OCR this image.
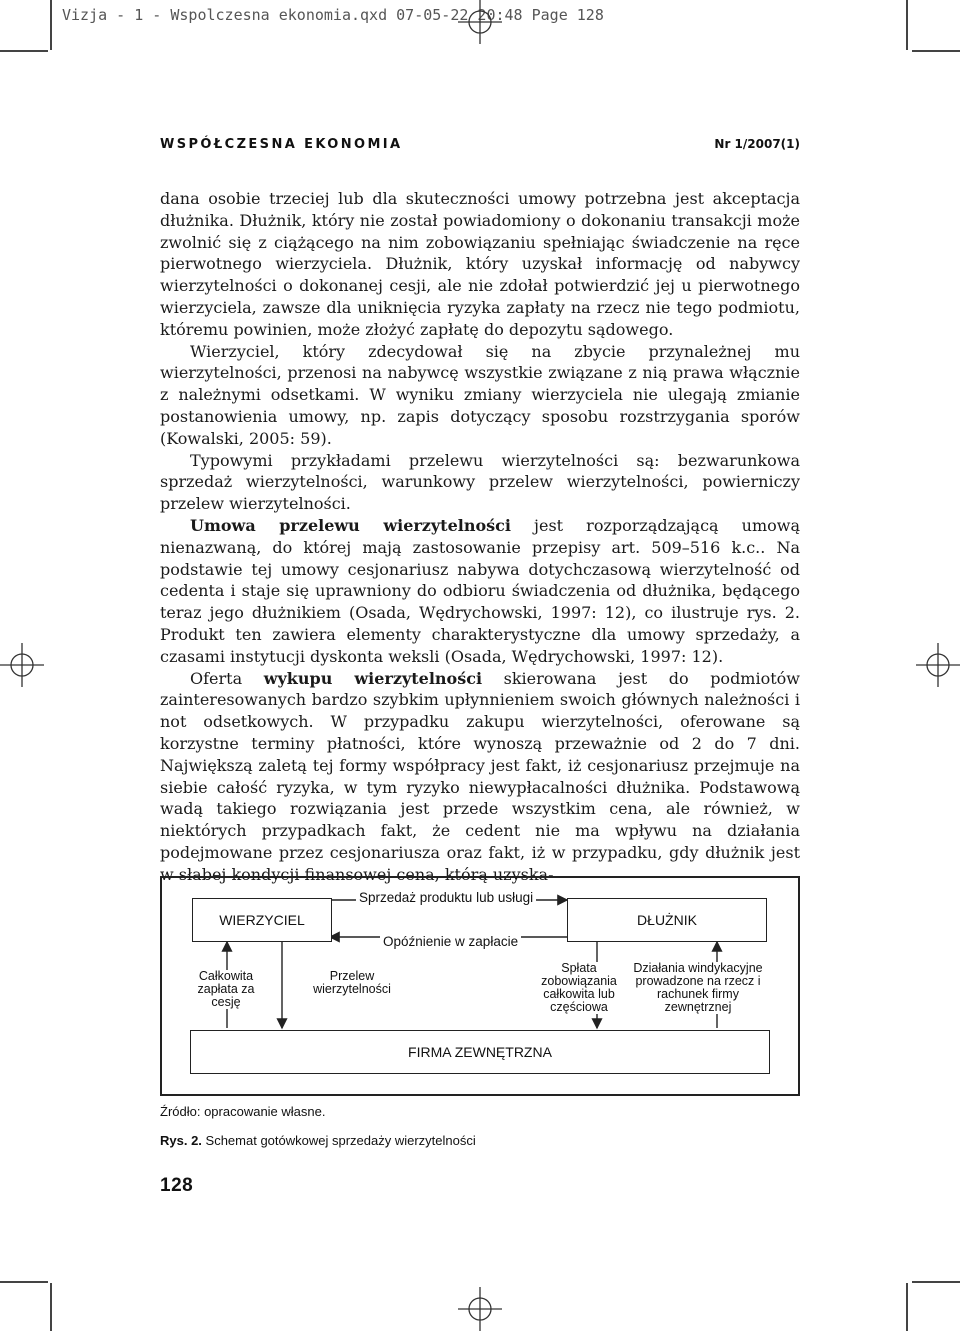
Vizja - 1 - Wspolczesna ekonomia.qxd 07-05-22 20:48 Page 128
WSPÓŁCZESNA EKONOMIA	Nr 1/2007(1)

dana osobie trzeciej lub dla skuteczności umowy potrzebna jest akceptacja dłużnika. Dłużnik, który nie został powiadomiony o dokonaniu transakcji może zwolnić się z ciążącego na nim zobowiązaniu spełniając świadczenie na ręce pierwotnego wierzyciela. Dłużnik, który uzyskał informację od nabywcy wierzytelności o dokonanej cesji, ale nie zdołał potwierdzić jej u pierwotnego wierzyciela, zawsze dla uniknięcia ryzyka zapłaty na rzecz nie tego podmiotu, któremu powinien, może złożyć zapłatę do depozytu sądowego.

Wierzyciel, który zdecydował się na zbycie przynależnej mu wierzytelności, przenosi na nabywcę wszystkie związane z nią prawa włącznie z należnymi odsetkami. W wyniku zmiany wierzyciela nie ulegają zmianie postanowienia umowy, np. zapis dotyczący sposobu rozstrzygania sporów (Kowalski, 2005: 59).

Typowymi przykładami przelewu wierzytelności są: bezwarunkowa sprzedaż wierzytelności, warunkowy przelew wierzytelności, powierniczy przelew wierzytelności.

Umowa przelewu wierzytelności jest rozporządzającą umową nienazwaną, do której mają zastosowanie przepisy art. 509–516 k.c.. Na podstawie tej umowy cesjonariusz nabywa dotychczasową wierzytelność od cedenta i staje się uprawniony do odbioru świadczenia od dłużnika, będącego teraz jego dłużnikiem (Osada, Wędrychowski, 1997: 12), co ilustruje rys. 2. Produkt ten zawiera elementy charakterystyczne dla umowy sprzedaży, a czasami instytucji dyskonta weksli (Osada, Wędrychowski, 1997: 12).

Oferta wykupu wierzytelności skierowana jest do podmiotów zainteresowanych bardzo szybkim upłynnieniem swoich głównych należności i not odsetkowych. W przypadku zakupu wierzytelności, oferowane są korzystne terminy płatności, które wynoszą przeważnie od 2 do 7 dni. Największą zaletą tej formy współpracy jest fakt, iż cesjonariusz przejmuje na siebie całość ryzyka, w tym ryzyko niewypłacalności dłużnika. Podstawową wadą takiego rozwiązania jest przede wszystkim cena, ale również, w niektórych przypadkach fakt, że cedent nie ma wpływu na działania podejmowane przez cesjonariusza oraz fakt, iż w przypadku, gdy dłużnik jest w słabej kondycji finansowej cena, którą uzyska-

WIERZYCIEL	DŁUŻNIK
FIRMA ZEWNĘTRZNA
Sprzedaż produktu lub usługi
Opóźnienie w zapłacie
Całkowita zapłata za cesję
Przelew wierzytelności
Spłata zobowiązania całkowita lub częściowa
Działania windykacyjne prowadzone na rzecz i rachunek firmy zewnętrznej
Źródło: opracowanie własne.
Rys. 2. Schemat gotówkowej sprzedaży wierzytelności
128
